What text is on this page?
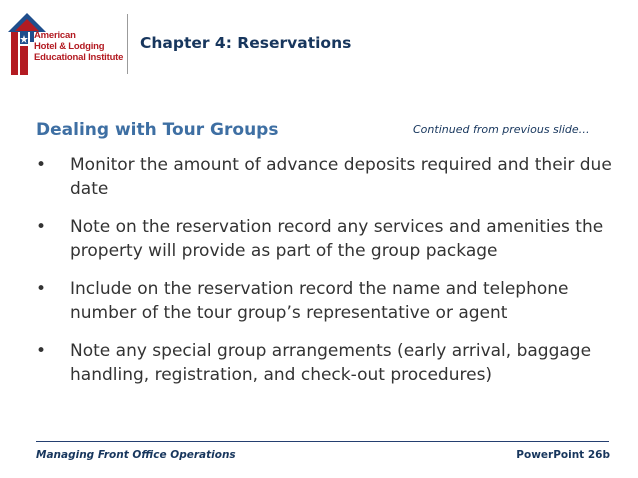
American
Hotel & Lodging
Educational Institute
Chapter 4: Reservations
Dealing with Tour Groups	Continued from previous slide…
• Monitor the amount of advance deposits required and their due date
• Note on the reservation record any services and amenities the property will provide as part of the group package
• Include on the reservation record the name and telephone number of the tour group’s representative or agent
• Note any special group arrangements (early arrival, baggage handling, registration, and check-out procedures)
Managing Front Office Operations	PowerPoint 26b
